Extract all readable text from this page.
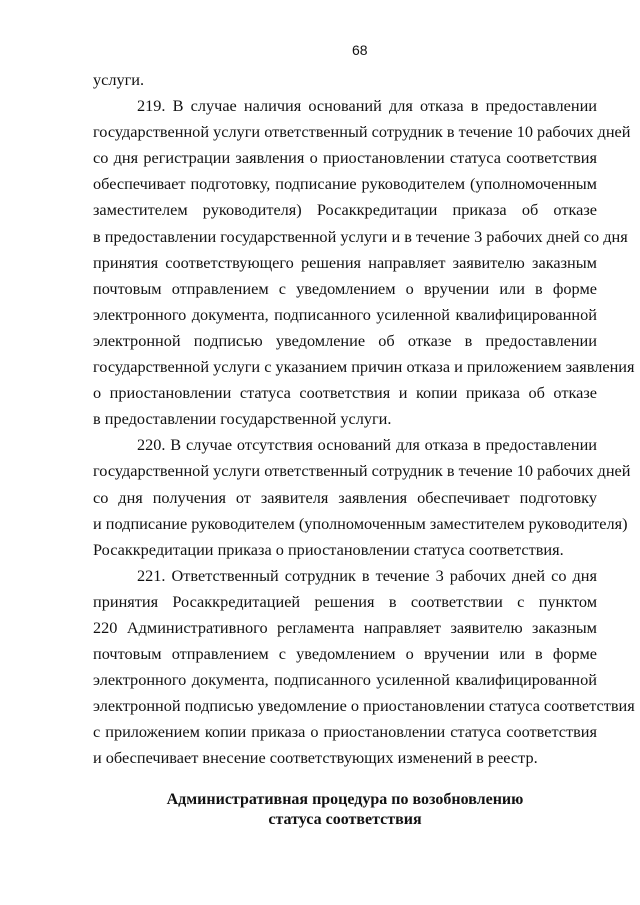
68
услуги.
219. В случае наличия оснований для отказа в предоставлении
государственной услуги ответственный сотрудник в течение 10 рабочих дней
со дня регистрации заявления о приостановлении статуса соответствия
обеспечивает подготовку, подписание руководителем (уполномоченным
заместителем руководителя) Росаккредитации приказа об отказе
в предоставлении государственной услуги и в течение 3 рабочих дней со дня
принятия соответствующего решения направляет заявителю заказным
почтовым отправлением с уведомлением о вручении или в форме
электронного документа, подписанного усиленной квалифицированной
электронной подписью уведомление об отказе в предоставлении
государственной услуги с указанием причин отказа и приложением заявления
о приостановлении статуса соответствия и копии приказа об отказе
в предоставлении государственной услуги.
220. В случае отсутствия оснований для отказа в предоставлении
государственной услуги ответственный сотрудник в течение 10 рабочих дней
со дня получения от заявителя заявления обеспечивает подготовку
и подписание руководителем (уполномоченным заместителем руководителя)
Росаккредитации приказа о приостановлении статуса соответствия.
221. Ответственный сотрудник в течение 3 рабочих дней со дня
принятия Росаккредитацией решения в соответствии с пунктом
220 Административного регламента направляет заявителю заказным
почтовым отправлением с уведомлением о вручении или в форме
электронного документа, подписанного усиленной квалифицированной
электронной подписью уведомление о приостановлении статуса соответствия
с приложением копии приказа о приостановлении статуса соответствия
и обеспечивает внесение соответствующих изменений в реестр.
Административная процедура по возобновлению
статуса соответствия
